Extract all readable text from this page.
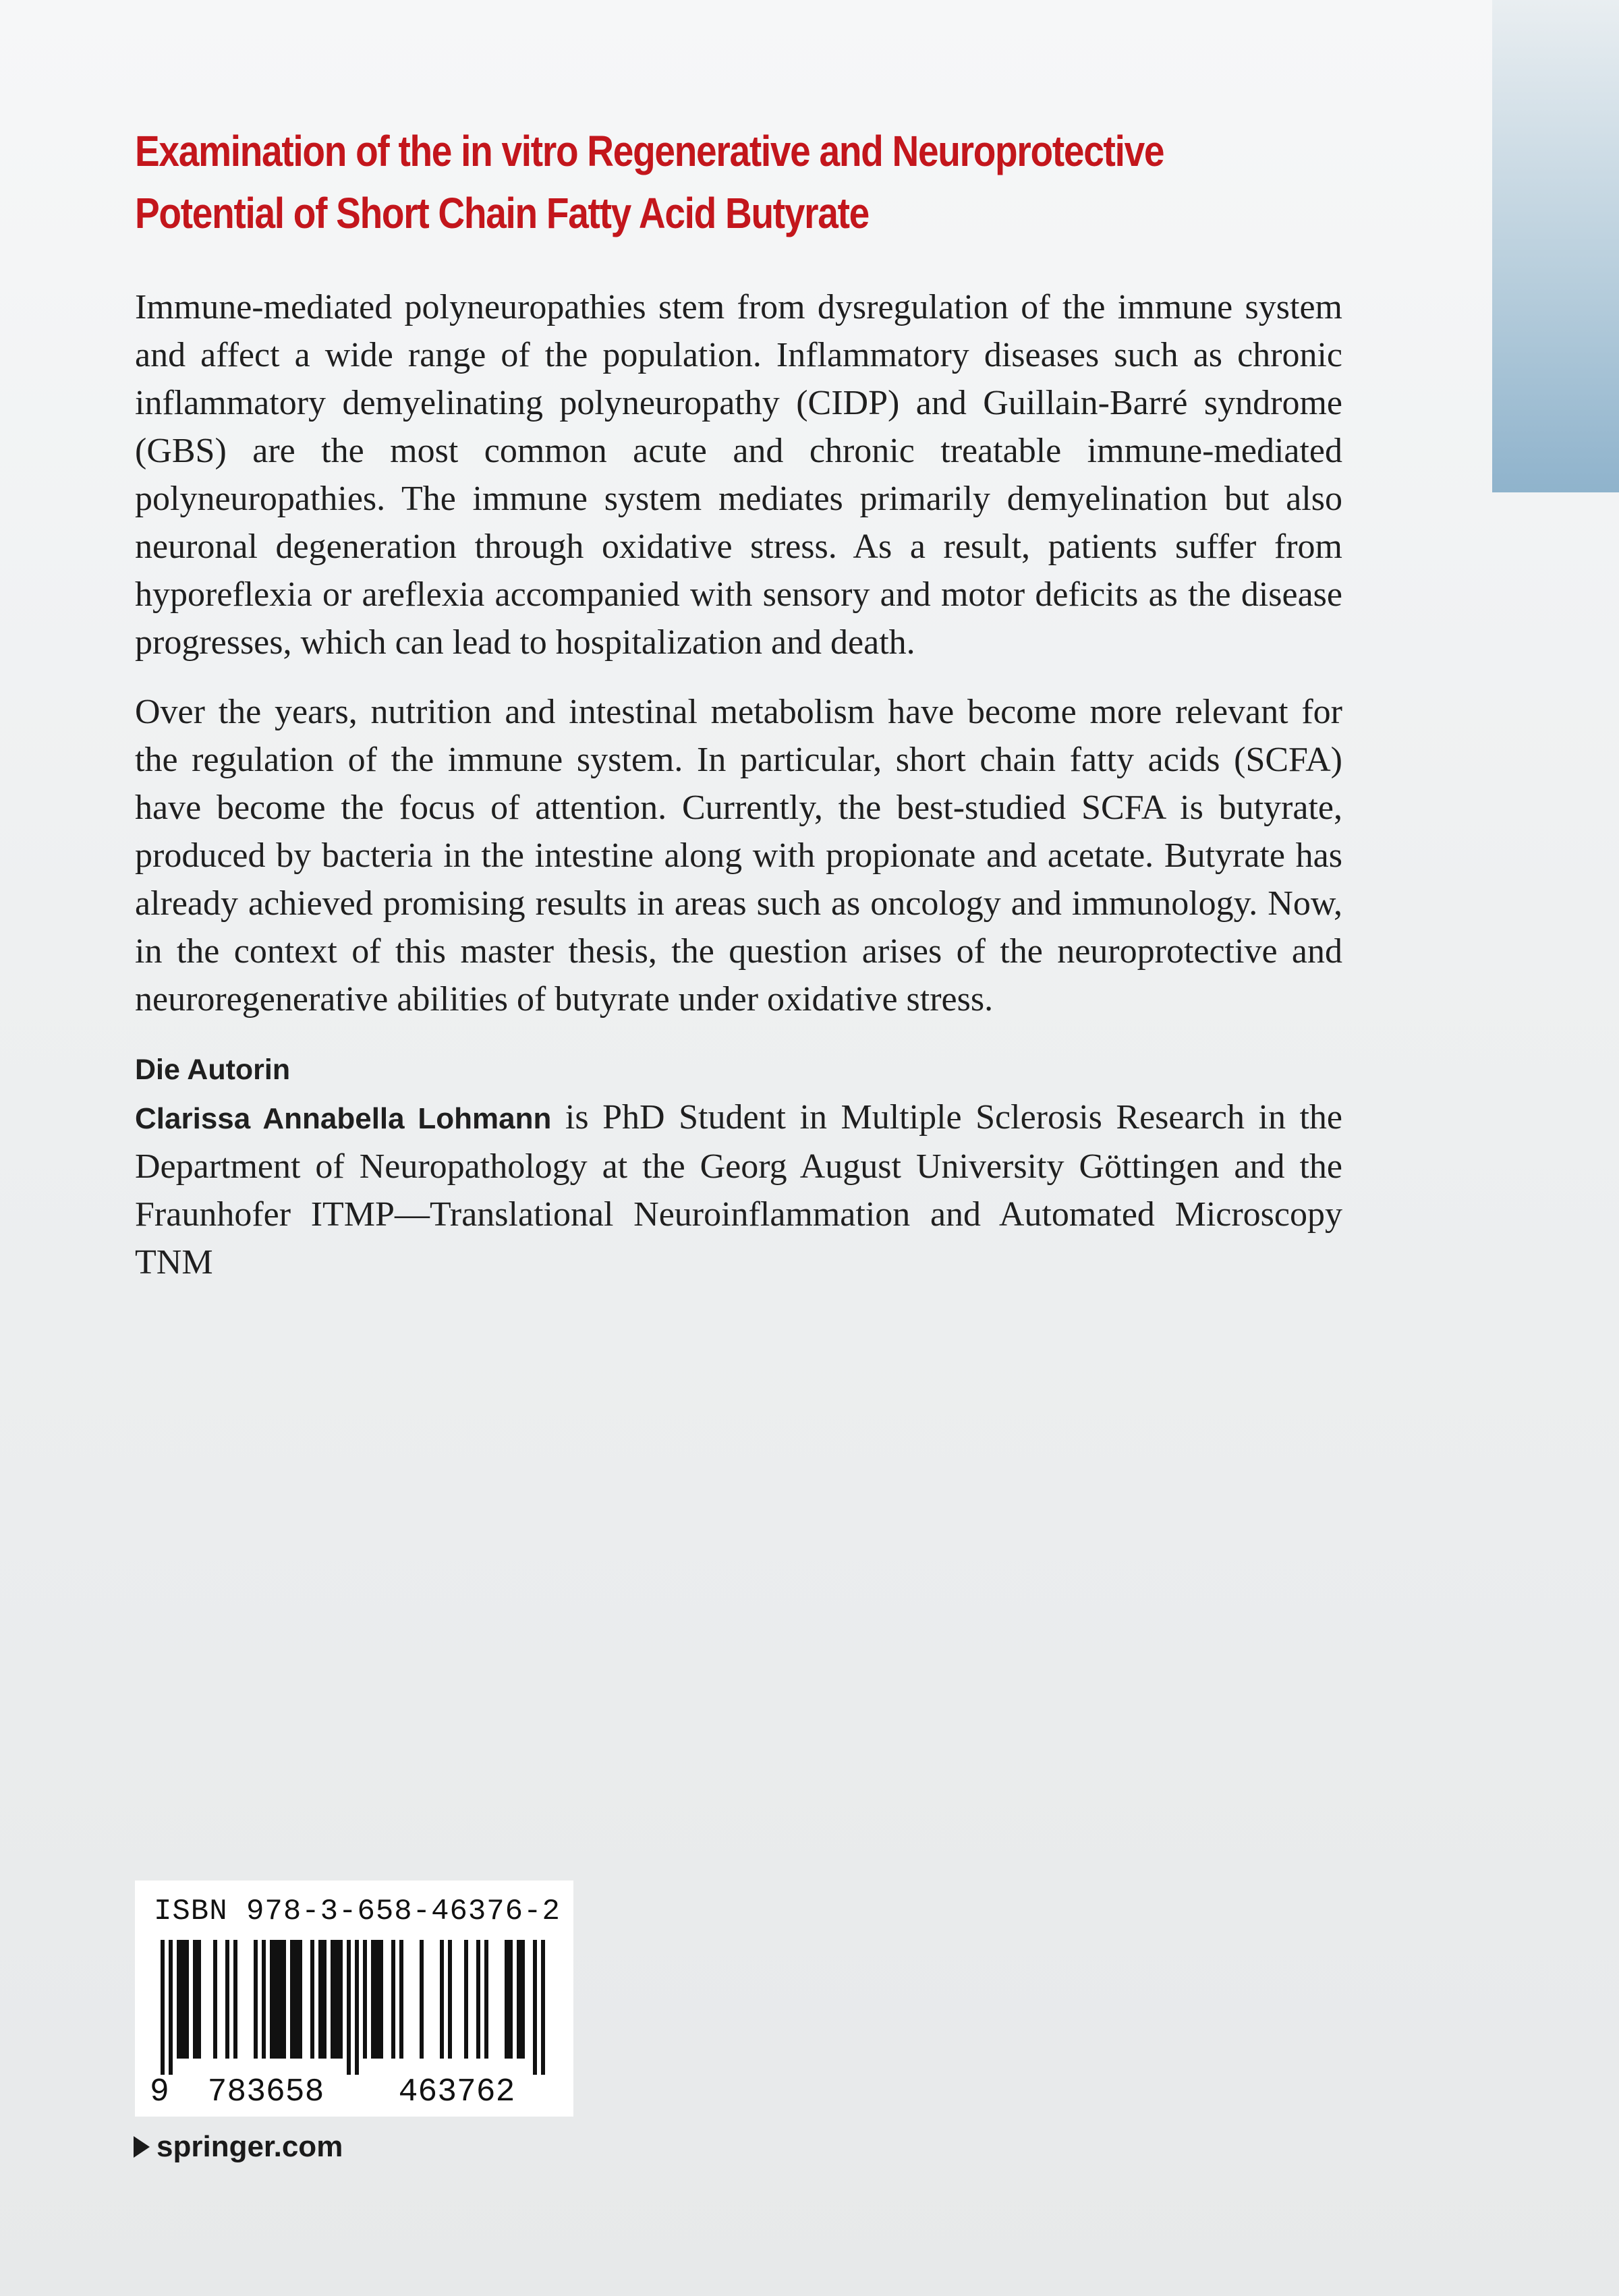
Examination of the in vitro Regenerative and Neuroprotective
Potential of Short Chain Fatty Acid Butyrate

Immune-mediated polyneuropathies stem from dysregulation of the immune system and affect a wide range of the population. Inflammatory diseases such as chronic inflammatory demyelinating polyneuropathy (CIDP) and Guillain-Barré syndrome (GBS) are the most common acute and chronic treatable immune-mediated polyneuropathies. The immune system mediates primarily demyelination but also neuronal degeneration through oxidative stress. As a result, patients suffer from hyporeflexia or areflexia accompanied with sensory and motor deficits as the disease progresses, which can lead to hospitalization and death.

Over the years, nutrition and intestinal metabolism have become more relevant for the regulation of the immune system. In particular, short chain fatty acids (SCFA) have become the focus of attention. Currently, the best-studied SCFA is butyrate, produced by bacteria in the intestine along with propionate and acetate. Butyrate has already achieved promising results in areas such as oncology and immunology. Now, in the context of this master thesis, the question arises of the neuroprotective and neuroregenerative abilities of butyrate under oxidative stress.

Die Autorin

Clarissa Annabella Lohmann is PhD Student in Multiple Sclerosis Research in the Department of Neuropathology at the Georg August University Göttingen and the Fraunhofer ITMP—Translational Neuroinflammation and Automated Microscopy TNM

ISBN 978-3-658-46376-2
9	783658	463762
springer.com
